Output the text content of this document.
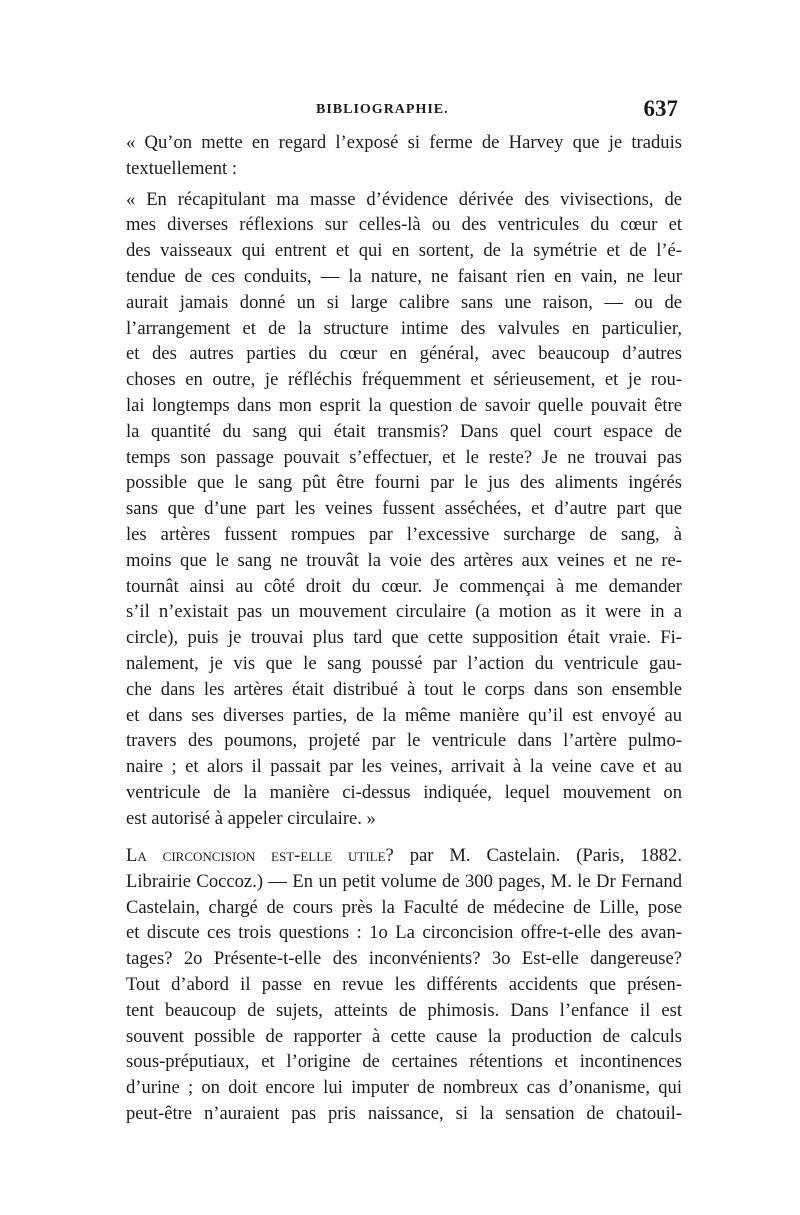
BIBLIOGRAPHIE.	637

« Qu’on mette en regard l’exposé si ferme de Harvey que je traduis
textuellement :

« En récapitulant ma masse d’évidence dérivée des vivisections, de
mes diverses réflexions sur celles-là ou des ventricules du cœur et
des vaisseaux qui entrent et qui en sortent, de la symétrie et de l’é-
tendue de ces conduits, — la nature, ne faisant rien en vain, ne leur
aurait jamais donné un si large calibre sans une raison, — ou de
l’arrangement et de la structure intime des valvules en particulier,
et des autres parties du cœur en général, avec beaucoup d’autres
choses en outre, je réfléchis fréquemment et sérieusement, et je rou-
lai longtemps dans mon esprit la question de savoir quelle pouvait être
la quantité du sang qui était transmis? Dans quel court espace de
temps son passage pouvait s’effectuer, et le reste? Je ne trouvai pas
possible que le sang pût être fourni par le jus des aliments ingérés
sans que d’une part les veines fussent asséchées, et d’autre part que
les artères fussent rompues par l’excessive surcharge de sang, à
moins que le sang ne trouvât la voie des artères aux veines et ne re-
tournât ainsi au côté droit du cœur. Je commençai à me demander
s’il n’existait pas un mouvement circulaire (a motion as it were in a
circle), puis je trouvai plus tard que cette supposition était vraie. Fi-
nalement, je vis que le sang poussé par l’action du ventricule gau-
che dans les artères était distribué à tout le corps dans son ensemble
et dans ses diverses parties, de la même manière qu’il est envoyé au
travers des poumons, projeté par le ventricule dans l’artère pulmo-
naire ; et alors il passait par les veines, arrivait à la veine cave et au
ventricule de la manière ci-dessus indiquée, lequel mouvement on
est autorisé à appeler circulaire. »

La circoncision est-elle utile? par M. Castelain. (Paris, 1882.
Librairie Coccoz.) — En un petit volume de 300 pages, M. le Dr Fernand
Castelain, chargé de cours près la Faculté de médecine de Lille, pose
et discute ces trois questions : 1o La circoncision offre-t-elle des avan-
tages? 2o Présente-t-elle des inconvénients? 3o Est-elle dangereuse?

Tout d’abord il passe en revue les différents accidents que présen-
tent beaucoup de sujets, atteints de phimosis. Dans l’enfance il est
souvent possible de rapporter à cette cause la production de calculs
sous-préputiaux, et l’origine de certaines rétentions et incontinences
d’urine ; on doit encore lui imputer de nombreux cas d’onanisme, qui
peut-être n’auraient pas pris naissance, si la sensation de chatouil-
